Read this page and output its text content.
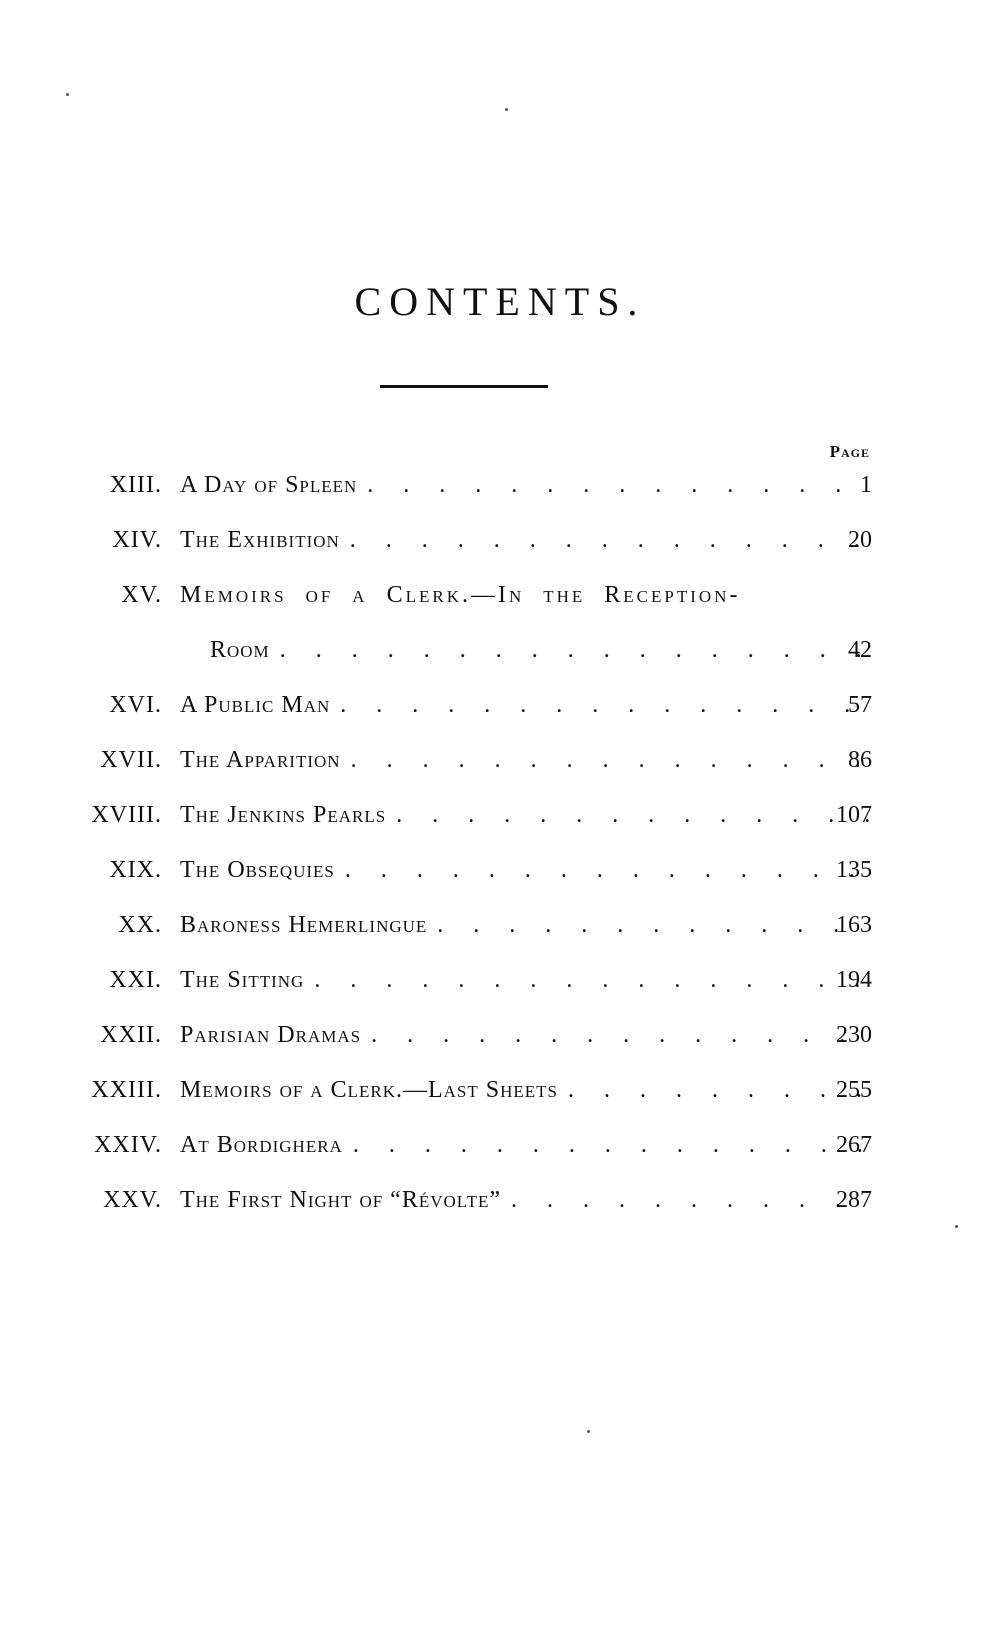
CONTENTS.
Page
XIII. A Day of Spleen . . .	1
XIV. The Exhibition . . .	20
XV. Memoirs of a Clerk.—In the Reception-
Room . . .	42
XVI. A Public Man . . .	57
XVII. The Apparition . . .	86
XVIII. The Jenkins Pearls . . .	107
XIX. The Obsequies . . .	135
XX. Baroness Hemerlingue . . .	163
XXI. The Sitting . . .	194
XXII. Parisian Dramas . . .	230
XXIII. Memoirs of a Clerk.—Last Sheets . . .	255
XXIV. At Bordighera . . .	267
XXV. The First Night of “Révolte” . . .	287
